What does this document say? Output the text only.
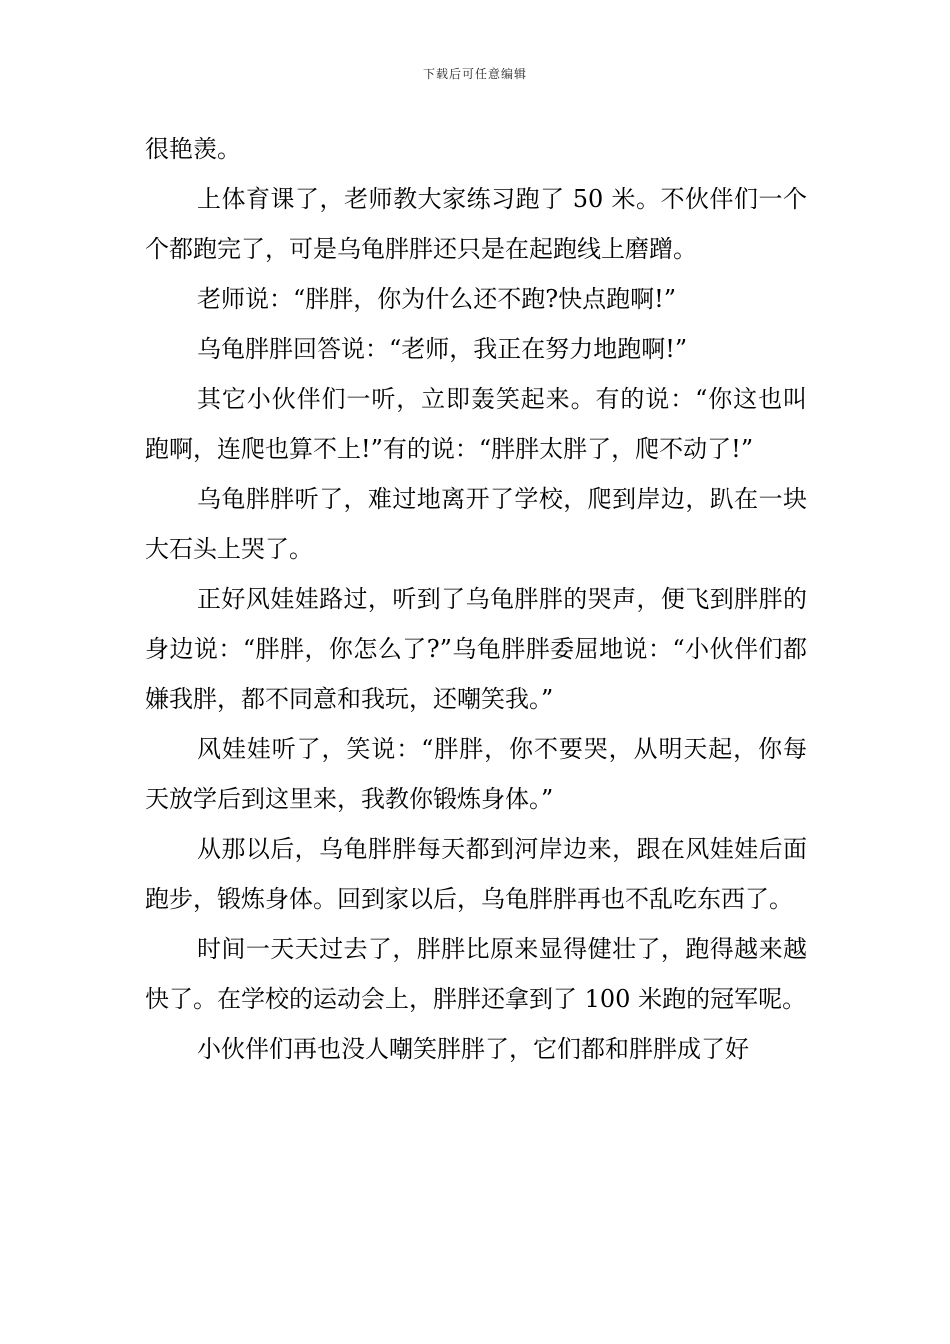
下载后可任意编辑

很艳羡。

上体育课了，老师教大家练习跑了 50 米。不伙伴们一个个都跑完了，可是乌龟胖胖还只是在起跑线上磨蹭。

老师说：“胖胖，你为什么还不跑?快点跑啊!”

乌龟胖胖回答说：“老师，我正在努力地跑啊!”

其它小伙伴们一听，立即轰笑起来。有的说：“你这也叫跑啊，连爬也算不上!”有的说：“胖胖太胖了，爬不动了!”

乌龟胖胖听了，难过地离开了学校，爬到岸边，趴在一块大石头上哭了。

正好风娃娃路过，听到了乌龟胖胖的哭声，便飞到胖胖的身边说：“胖胖，你怎么了?”乌龟胖胖委屈地说：“小伙伴们都嫌我胖，都不同意和我玩，还嘲笑我。”

风娃娃听了，笑说：“胖胖，你不要哭，从明天起，你每天放学后到这里来，我教你锻炼身体。”

从那以后，乌龟胖胖每天都到河岸边来，跟在风娃娃后面跑步，锻炼身体。回到家以后，乌龟胖胖再也不乱吃东西了。

时间一天天过去了，胖胖比原来显得健壮了，跑得越来越快了。在学校的运动会上，胖胖还拿到了 100 米跑的冠军呢。

小伙伴们再也没人嘲笑胖胖了，它们都和胖胖成了好
